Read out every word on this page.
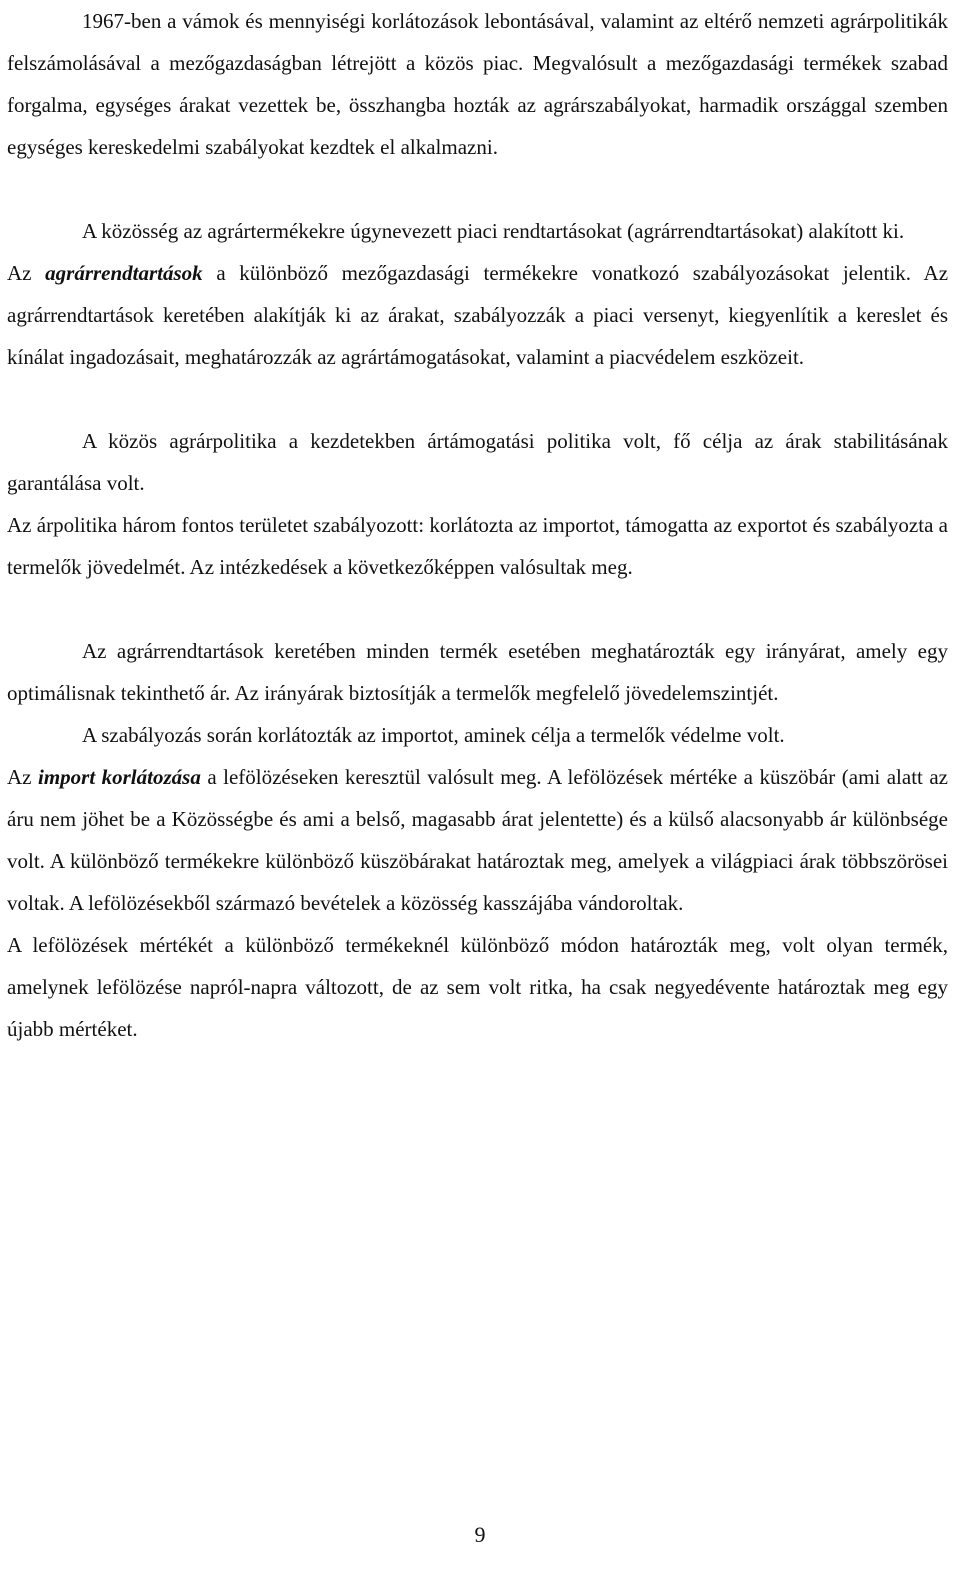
1967-ben a vámok és mennyiségi korlátozások lebontásával, valamint az eltérő nemzeti agrárpolitikák felszámolásával a mezőgazdaságban létrejött a közös piac. Megvalósult a mezőgazdasági termékek szabad forgalma, egységes árakat vezettek be, összhangba hozták az agrárszabályokat, harmadik országgal szemben egységes kereskedelmi szabályokat kezdtek el alkalmazni.

A közösség az agrártermékekre úgynevezett piaci rendtartásokat (agrárrendtartásokat) alakított ki.

Az agrárrendtartások a különböző mezőgazdasági termékekre vonatkozó szabályozásokat jelentik. Az agrárrendtartások keretében alakítják ki az árakat, szabályozzák a piaci versenyt, kiegyenlítik a kereslet és kínálat ingadozásait, meghatározzák az agrártámogatásokat, valamint a piacvédelem eszközeit.

A közös agrárpolitika a kezdetekben ártámogatási politika volt, fő célja az árak stabilitásának garantálása volt.

Az árpolitika három fontos területet szabályozott: korlátozta az importot, támogatta az exportot és szabályozta a termelők jövedelmét. Az intézkedések a következőképpen valósultak meg.

Az agrárrendtartások keretében minden termék esetében meghatározták egy irányárat, amely egy optimálisnak tekinthető ár. Az irányárak biztosítják a termelők megfelelő jövedelemszintjét.

A szabályozás során korlátozták az importot, aminek célja a termelők védelme volt.

Az import korlátozása a lefölözéseken keresztül valósult meg. A lefölözések mértéke a küszöbár (ami alatt az áru nem jöhet be a Közösségbe és ami a belső, magasabb árat jelentette) és a külső alacsonyabb ár különbsége volt. A különböző termékekre különböző küszöbárakat határoztak meg, amelyek a világpiaci árak többszörösei voltak. A lefölözésekből származó bevételek a közösség kasszájába vándoroltak.

A lefölözések mértékét a különböző termékeknél különböző módon határozták meg, volt olyan termék, amelynek lefölözése napról-napra változott, de az sem volt ritka, ha csak negyedévente határoztak meg egy újabb mértéket.

9
